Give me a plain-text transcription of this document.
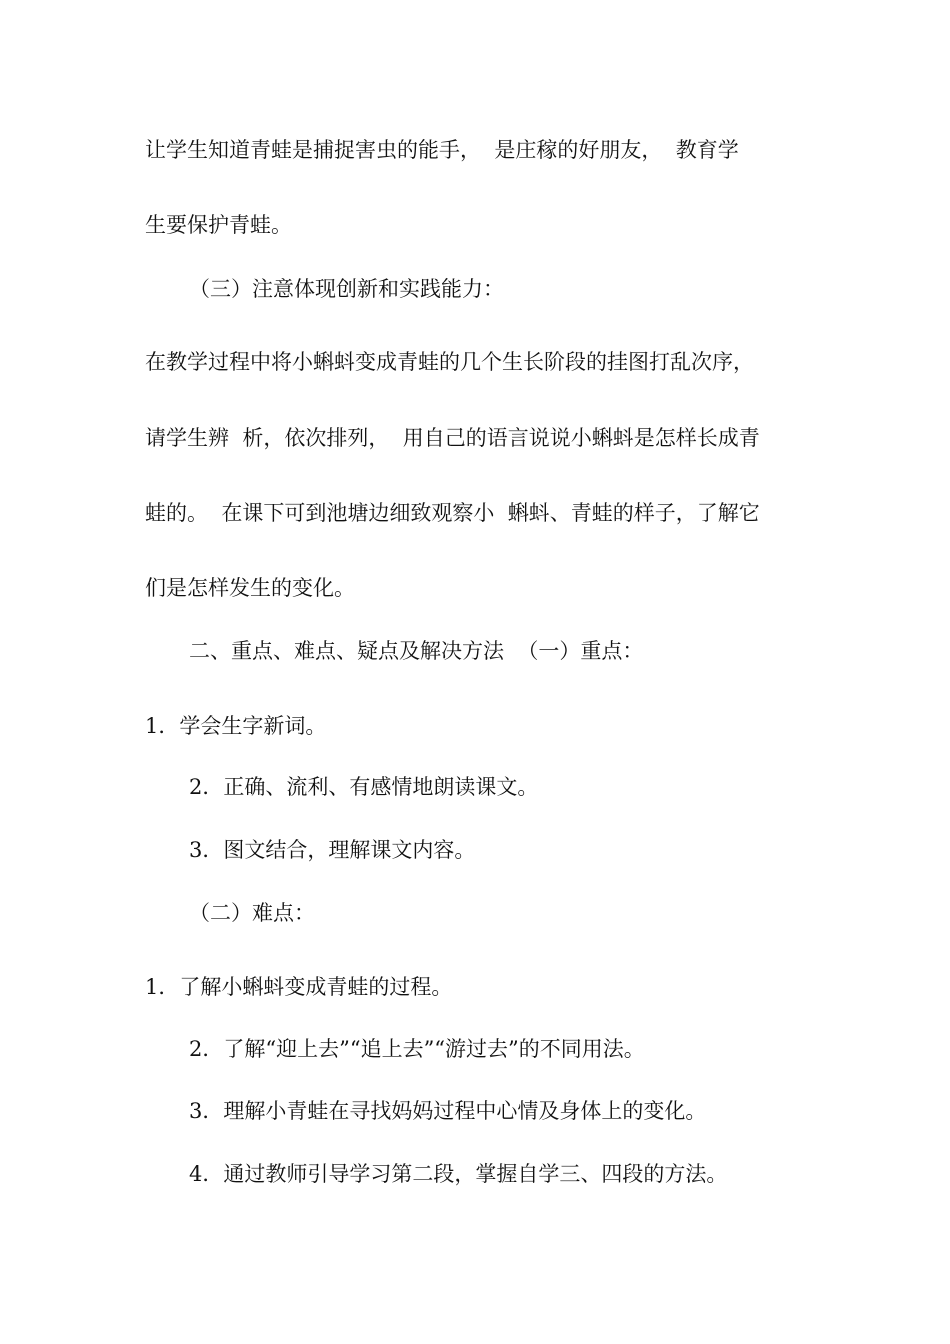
让学生知道青蛙是捕捉害虫的能手，  是庄稼的好朋友，  教育学
生要保护青蛙。
（三）注意体现创新和实践能力：
在教学过程中将小蝌蚪变成青蛙的几个生长阶段的挂图打乱次序，
请学生辨  析，依次排列，  用自己的语言说说小蝌蚪是怎样长成青
蛙的。  在课下可到池塘边细致观察小  蝌蚪、青蛙的样子，了解它
们是怎样发生的变化。
二、重点、难点、疑点及解决方法  （一）重点：
1．学会生字新词。
2．正确、流利、有感情地朗读课文。
3．图文结合，理解课文内容。
（二）难点：
1．了解小蝌蚪变成青蛙的过程。
2．了解“迎上去”“追上去”“游过去”的不同用法。
3．理解小青蛙在寻找妈妈过程中心情及身体上的变化。
4．通过教师引导学习第二段，掌握自学三、四段的方法。
